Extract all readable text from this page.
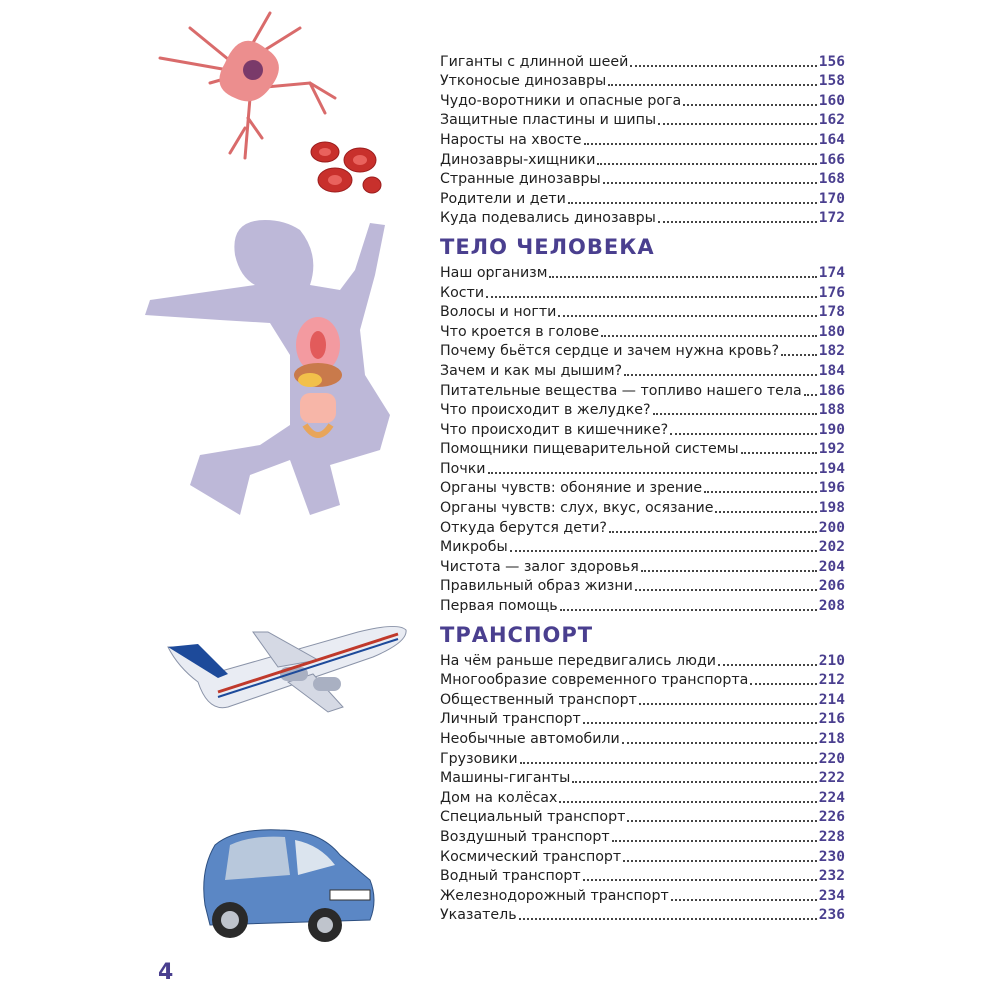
Гиганты с длинной шеей	156
Утконосые динозавры	158
Чудо-воротники и опасные рога	160
Защитные пластины и шипы	162
Наросты на хвосте	164
Динозавры-хищники	166
Странные динозавры	168
Родители и дети	170
Куда подевались динозавры	172
ТЕЛО ЧЕЛОВЕКА
Наш организм	174
Кости	176
Волосы и ногти	178
Что кроется в голове	180
Почему бьётся сердце и зачем нужна кровь?	182
Зачем и как мы дышим?	184
Питательные вещества — топливо нашего тела 186
Что происходит в желудке?	188
Что происходит в кишечнике?	190
Помощники пищеварительной системы	192
Почки	194
Органы чувств: обоняние и зрение	196
Органы чувств: слух, вкус, осязание	198
Откуда берутся дети?	200
Микробы	202
Чистота — залог здоровья	204
Правильный образ жизни	206
Первая помощь	208
ТРАНСПОРТ
На чём раньше передвигались люди	210
Многообразие современного транспорта	212
Общественный транспорт	214
Личный транспорт	216
Необычные автомобили	218
Грузовики	220
Машины-гиганты	222
Дом на колёсах	224
Специальный транспорт	226
Воздушный транспорт	228
Космический транспорт	230
Водный транспорт	232
Железнодорожный транспорт	234
Указатель	236
4
